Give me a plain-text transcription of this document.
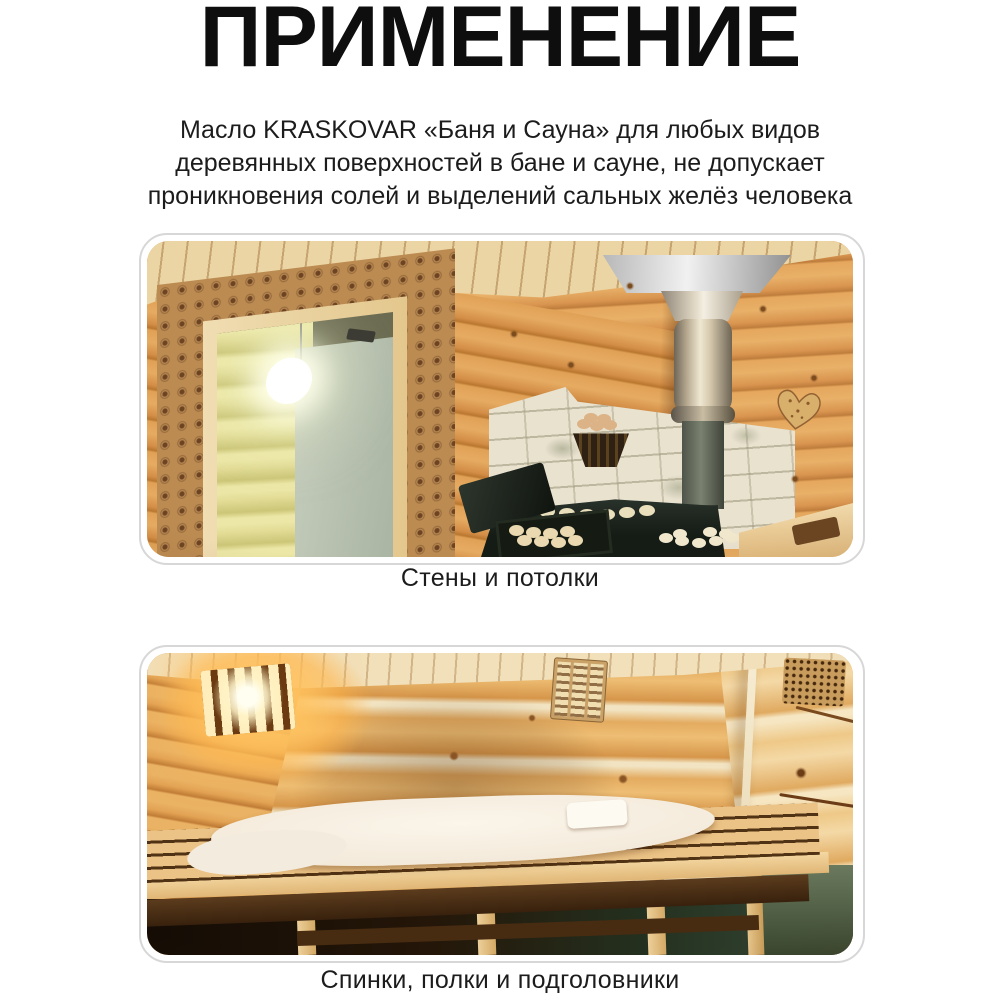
ПРИМЕНЕНИЕ
Масло KRASKOVAR «Баня и Сауна» для любых видов
деревянных поверхностей в бане и сауне, не допускает
проникновения солей и выделений сальных желёз человека
Стены и потолки
Спинки, полки и подголовники
